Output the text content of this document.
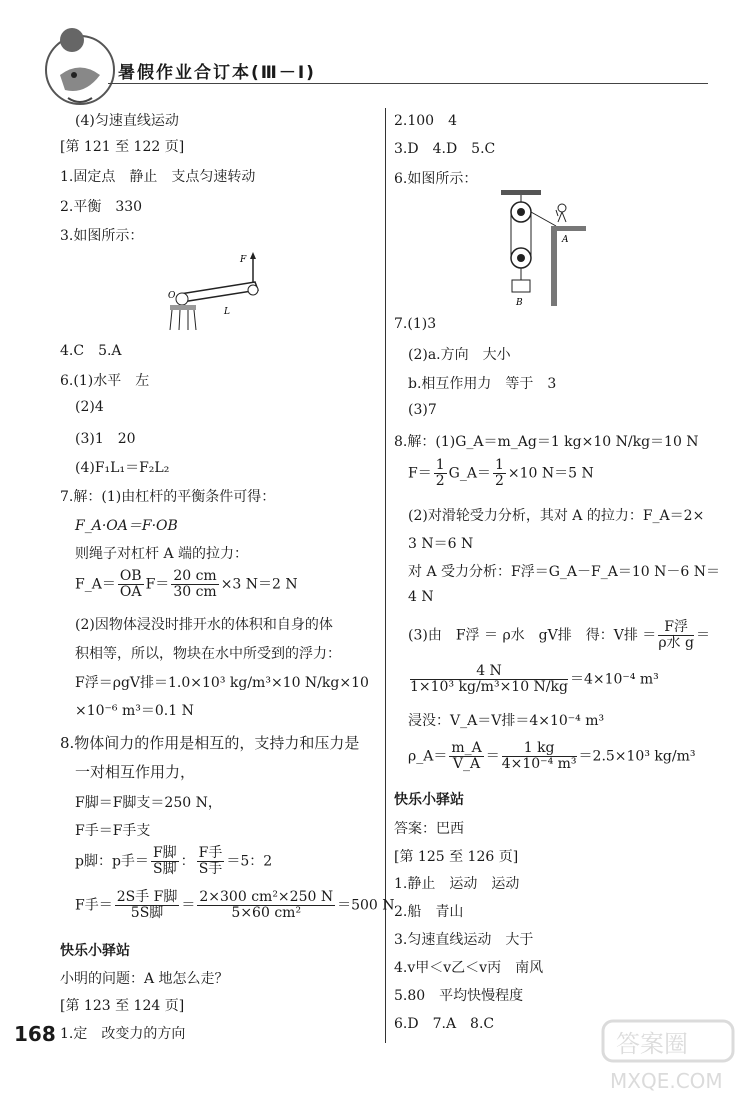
暑假作业合订本(Ⅲ－Ⅰ)
(4)匀速直线运动
[第 121 至 122 页]
1.固定点　静止　支点匀速转动
2.平衡　330
3.如图所示：
F
O
L
4.C　5.A
6.(1)水平　左
(2)4
(3)1　20
(4)F₁L₁＝F₂L₂
7.解：(1)由杠杆的平衡条件可得：
F_A·OA＝F·OB
则绳子对杠杆 A 端的拉力：
F_A＝ $\frac{OB}{OA} F= \frac{20 cm}{30 cm} \times 3$ N＝2 N
(2)因物体浸没时排开水的体积和自身的体
积相等，所以，物块在水中所受到的浮力：
F浮＝ρgV排＝1.0×10³ kg/m³×10 N/kg×10
×10⁻⁶ m³＝0.1 N
8.物体间力的作用是相互的，支持力和压力是
一对相互作用力，
F脚＝F脚支＝250 N，
F手＝F手支
p脚：p手＝ $\frac{\text{F脚}}{\text{S脚}}$ ： $\frac{\text{F手}}{\text{S手}} =5$：2
F手＝ $\frac{\text{2S手 F脚}}{\text{5S脚}} = \frac{\text{2×300 cm²×250 N}}{\text{5×60 cm²}} =500$ N
快乐小驿站
小明的问题：A 地怎么走？
[第 123 至 124 页]
1.定　改变力的方向
168
2.100　4
3.D　4.D　5.C
6.如图所示：
B
A
7.(1)3
(2)a.方向　大小
b.相互作用力　等于　3
(3)7
8.解：(1)G_A＝m_Ag＝1 kg×10 N/kg＝10 N
$F= \frac{1}{2}$ G_A＝ $\frac{1}{2} \times 10$ N＝5 N
(2)对滑轮受力分析，其对 A 的拉力：F_A＝2×
3 N＝6 N
对 A 受力分析：F浮＝G_A－F_A＝10 N－6 N＝
4 N
(3)由　F浮 ＝ ρ水　gV排　得：V排 ＝ $\frac{\text{F浮}}{\text{ρ水 g}}$ ＝
$\frac{4 N}{\text{1×10³ kg/m³×10 N/kg}} =4\times 10^{-4}$ m³
浸没：V_A＝V排＝4×10⁻⁴ m³
ρ_A＝ $\frac{m\_A}{V\_A} = \frac{1 kg}{\text{4×10⁻⁴ m³}} =2.5\times 10^3$ kg/m³
快乐小驿站
答案：巴西
[第 125 至 126 页]
1.静止　运动　运动
2.船　青山
3.匀速直线运动　大于
4.v甲＜v乙＜v丙　南风
5.80　平均快慢程度
6.D　7.A　8.C
答案圈
MXQE.COM
